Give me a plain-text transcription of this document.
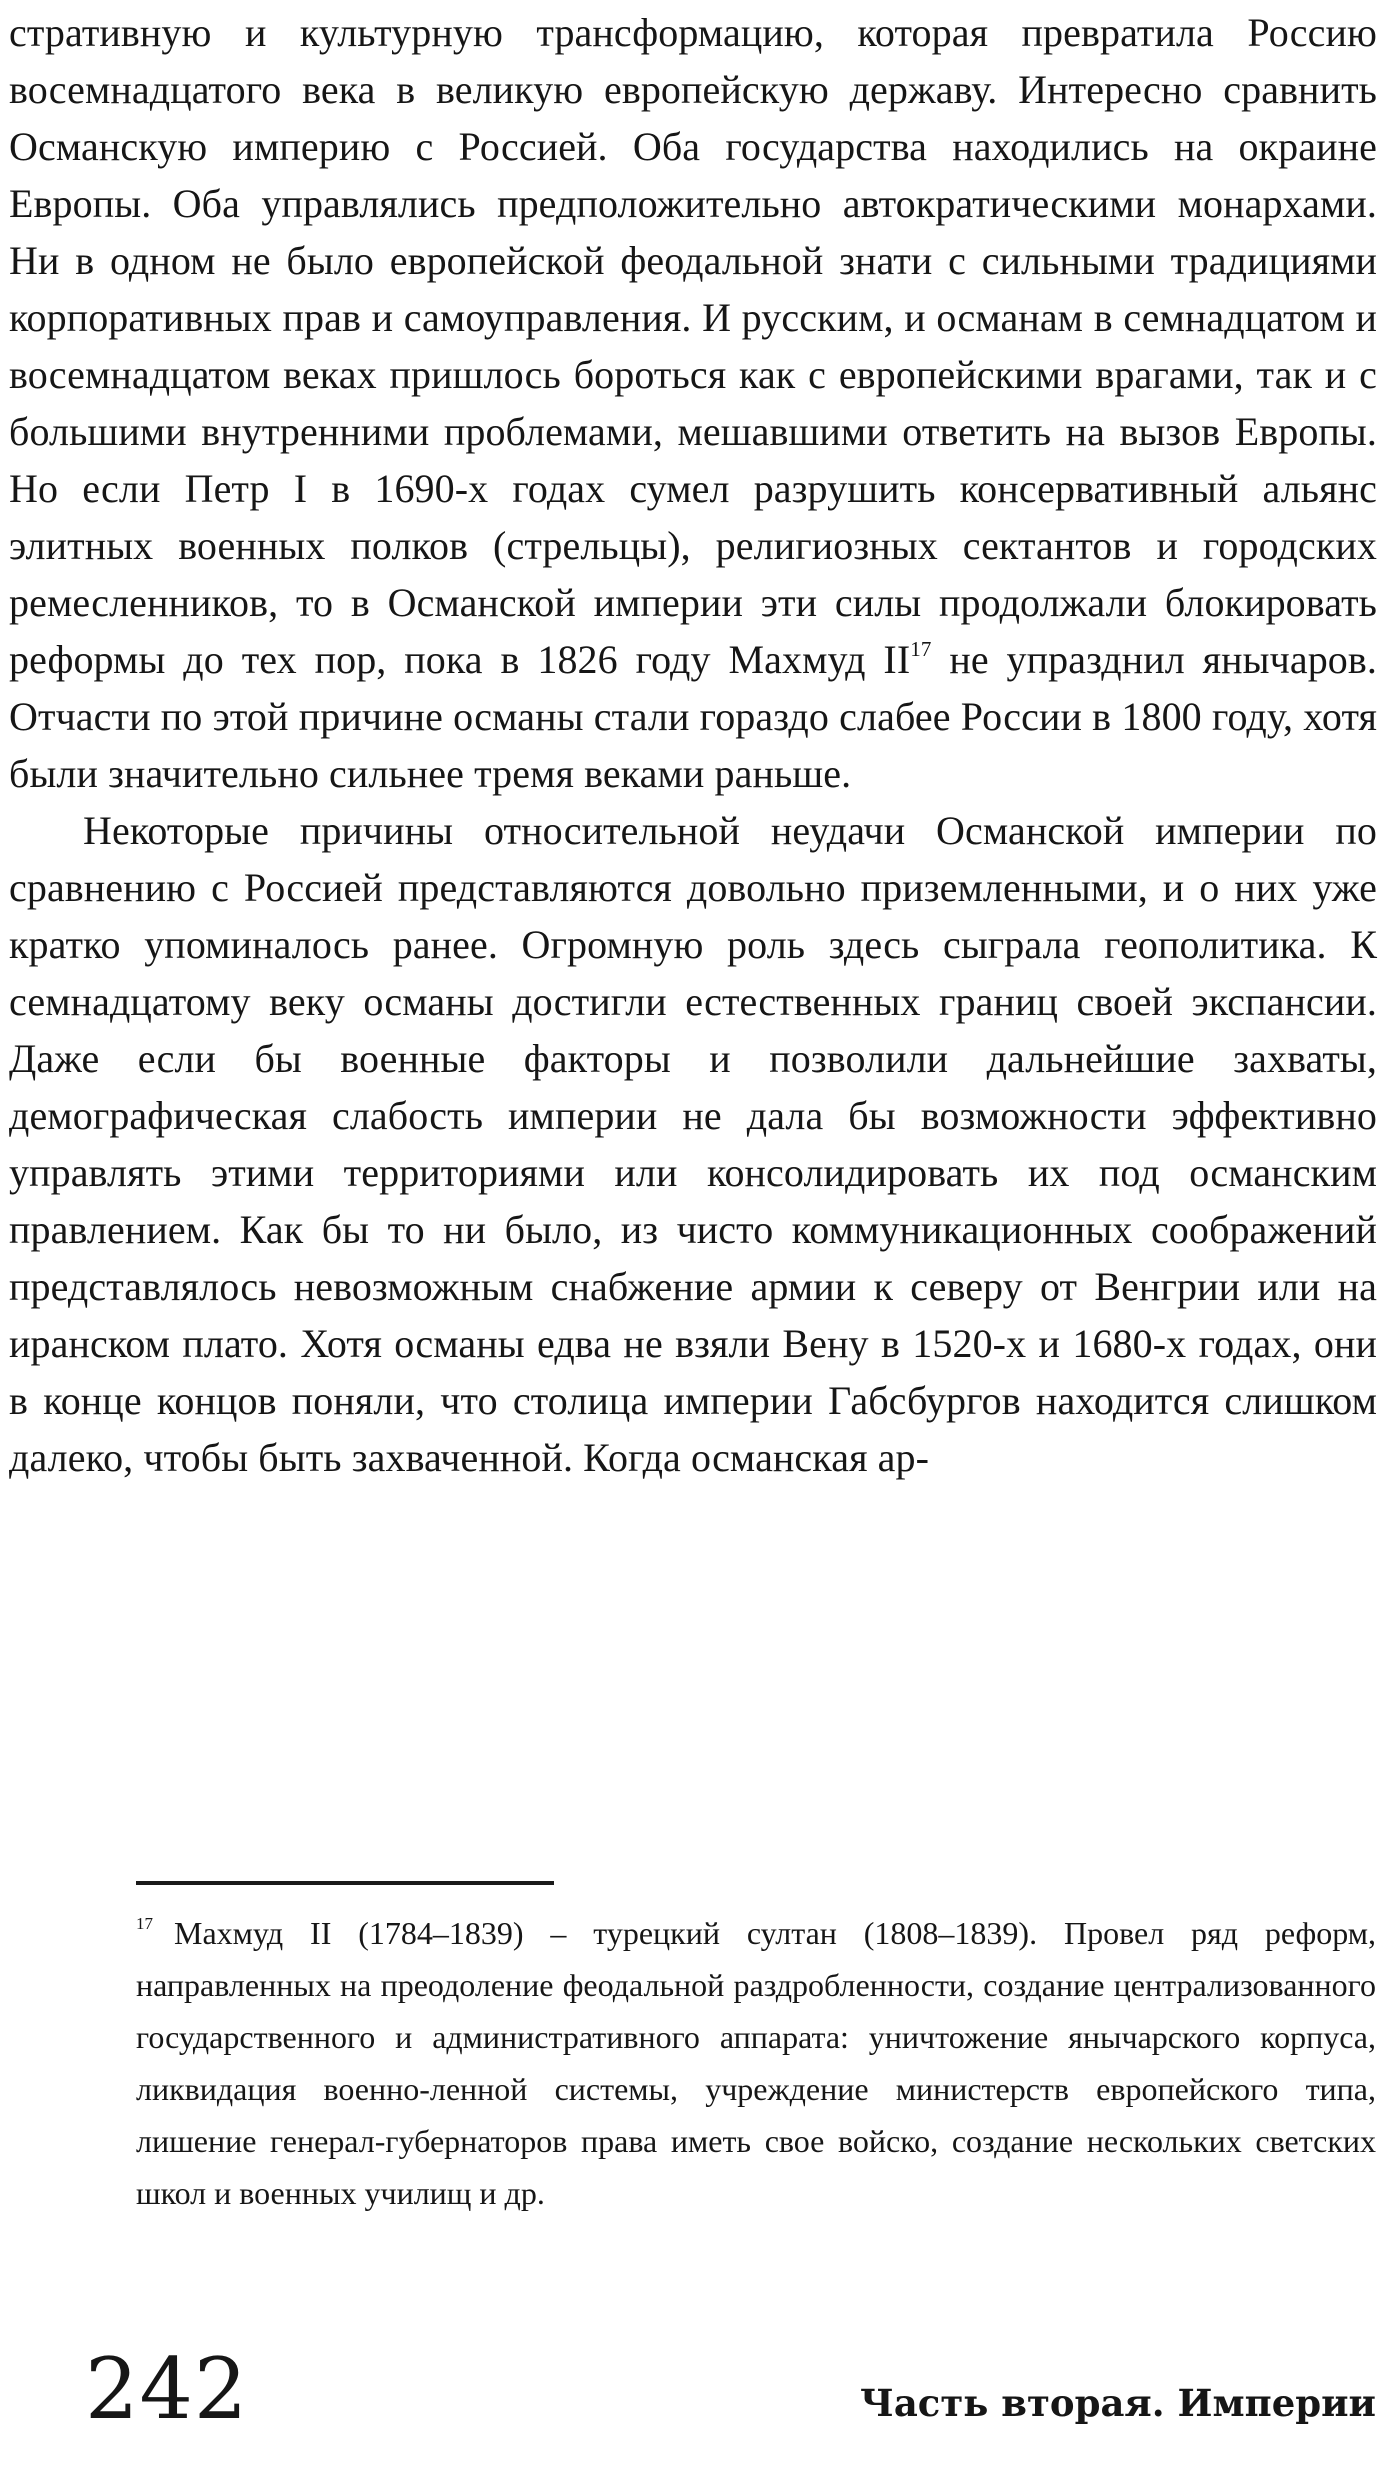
стративную и культурную трансформацию, которая превратила Россию восемнадцатого века в великую европейскую державу. Интересно сравнить Османскую империю с Россией. Оба государства находились на окраине Европы. Оба управлялись предположительно автократическими монархами. Ни в одном не было европейской феодальной знати с сильными традициями корпоративных прав и самоуправления. И русским, и османам в семнадцатом и восемнадцатом веках пришлось бороться как с европейскими врагами, так и с большими внутренними проблемами, мешавшими ответить на вызов Европы. Но если Петр I в 1690-х годах сумел разрушить консервативный альянс элитных военных полков (стрельцы), религиозных сектантов и городских ремесленников, то в Османской империи эти силы продолжали блокировать реформы до тех пор, пока в 1826 году Махмуд II$^{17}$ не упразднил янычаров. Отчасти по этой причине османы стали гораздо слабее России в 1800 году, хотя были значительно сильнее тремя веками раньше.

Некоторые причины относительной неудачи Османской империи по сравнению с Россией представляются довольно приземленными, и о них уже кратко упоминалось ранее. Огромную роль здесь сыграла геополитика. К семнадцатому веку османы достигли естественных границ своей экспансии. Даже если бы военные факторы и позволили дальнейшие захваты, демографическая слабость империи не дала бы возможности эффективно управлять этими территориями или консолидировать их под османским правлением. Как бы то ни было, из чисто коммуникационных соображений представлялось невозможным снабжение армии к северу от Венгрии или на иранском плато. Хотя османы едва не взяли Вену в 1520-х и 1680-х годах, они в конце концов поняли, что столица империи Габсбургов находится слишком далеко, чтобы быть захваченной. Когда османская ар-

17 Махмуд II (1784–1839) – турецкий султан (1808–1839). Провел ряд реформ, направленных на преодоление феодальной раздробленности, создание централизованного государственного и административного аппарата: уничтожение янычарского корпуса, ликвидация военно-ленной системы, учреждение министерств европейского типа, лишение генерал-губернаторов права иметь свое войско, создание нескольких светских школ и военных училищ и др.

242	Часть вторая. Империи
